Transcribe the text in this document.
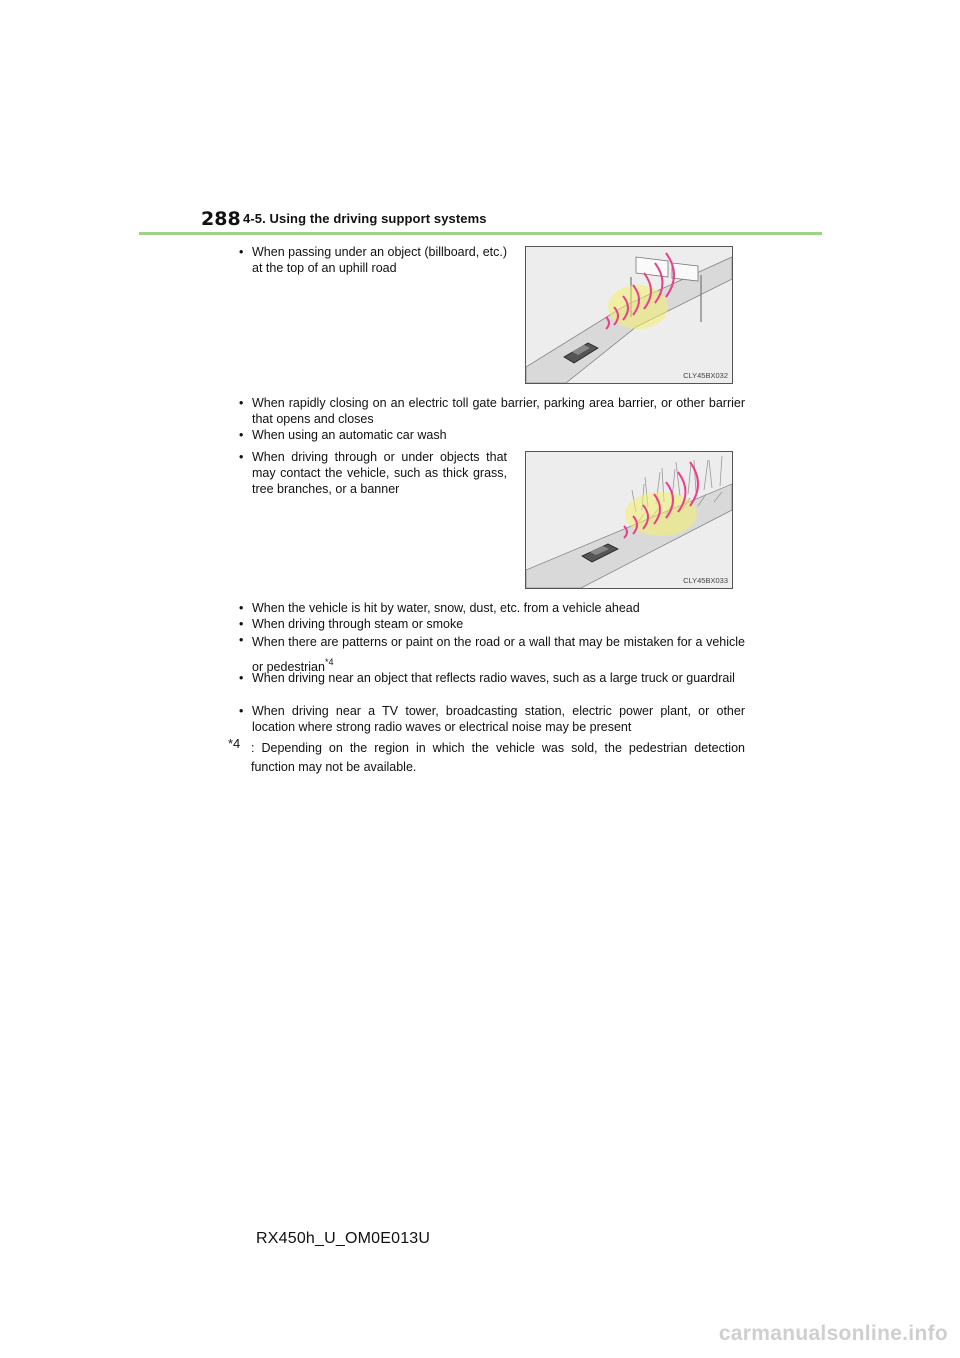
288 4-5. Using the driving support systems
• When passing under an object (billboard, etc.) at the top of an uphill road
CLY45BX032
• When rapidly closing on an electric toll gate barrier, parking area barrier, or other barrier that opens and closes
• When using an automatic car wash
• When driving through or under objects that may contact the vehicle, such as thick grass, tree branches, or a banner
CLY45BX033
• When the vehicle is hit by water, snow, dust, etc. from a vehicle ahead
• When driving through steam or smoke
• When there are patterns or paint on the road or a wall that may be mistaken for a vehicle or pedestrian$^{*4}$
• When driving near an object that reflects radio waves, such as a large truck or guardrail
• When driving near a TV tower, broadcasting station, electric power plant, or other location where strong radio waves or electrical noise may be present
*4 : Depending on the region in which the vehicle was sold, the pedestrian detection function may not be available.
RX450h_U_OM0E013U
carmanualsonline.info
